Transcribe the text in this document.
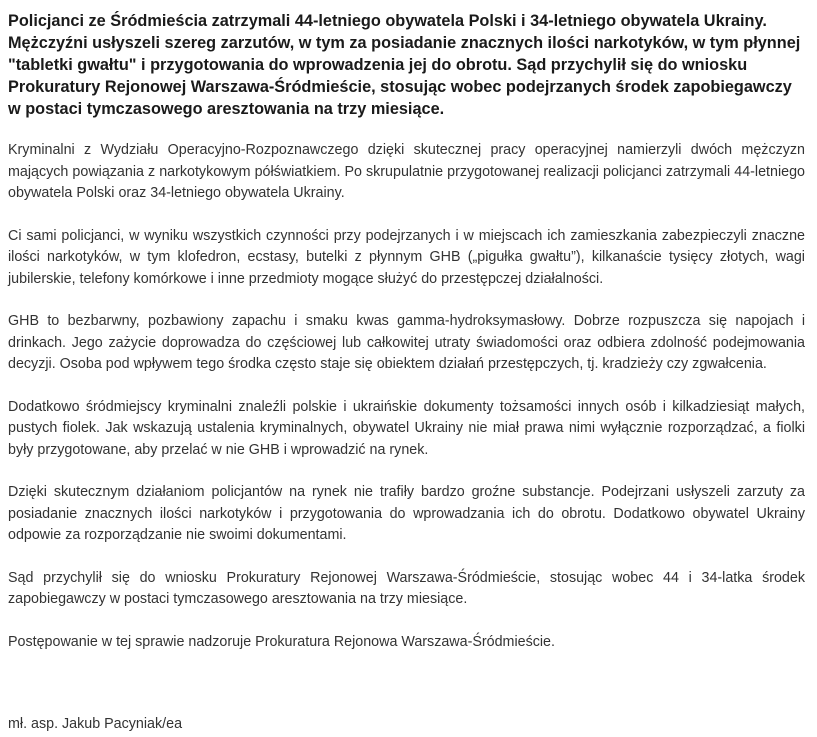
Policjanci ze Śródmieścia zatrzymali 44-letniego obywatela Polski i 34-letniego obywatela Ukrainy. Mężczyźni usłyszeli szereg zarzutów, w tym za posiadanie znacznych ilości narkotyków, w tym płynnej "tabletki gwałtu" i przygotowania do wprowadzenia jej do obrotu. Sąd przychylił się do wniosku Prokuratury Rejonowej Warszawa-Śródmieście, stosując wobec podejrzanych środek zapobiegawczy w postaci tymczasowego aresztowania na trzy miesiące.

Kryminalni z Wydziału Operacyjno-Rozpoznawczego dzięki skutecznej pracy operacyjnej namierzyli dwóch mężczyzn mających powiązania z narkotykowym półświatkiem. Po skrupulatnie przygotowanej realizacji policjanci zatrzymali 44-letniego obywatela Polski oraz 34-letniego obywatela Ukrainy.

Ci sami policjanci, w wyniku wszystkich czynności przy podejrzanych i w miejscach ich zamieszkania zabezpieczyli znaczne ilości narkotyków, w tym klofedron, ecstasy, butelki z płynnym GHB („pigułka gwałtu”), kilkanaście tysięcy złotych, wagi jubilerskie, telefony komórkowe i inne przedmioty mogące służyć do przestępczej działalności.

GHB to bezbarwny, pozbawiony zapachu i smaku kwas gamma-hydroksymasłowy. Dobrze rozpuszcza się napojach i drinkach. Jego zażycie doprowadza do częściowej lub całkowitej utraty świadomości oraz odbiera zdolność podejmowania decyzji. Osoba pod wpływem tego środka często staje się obiektem działań przestępczych, tj. kradzieży czy zgwałcenia.

Dodatkowo śródmiejscy kryminalni znaleźli polskie i ukraińskie dokumenty tożsamości innych osób i kilkadziesiąt małych, pustych fiolek. Jak wskazują ustalenia kryminalnych, obywatel Ukrainy nie miał prawa nimi wyłącznie rozporządzać, a fiolki były przygotowane, aby przelać w nie GHB i wprowadzić na rynek.

Dzięki skutecznym działaniom policjantów na rynek nie trafiły bardzo groźne substancje. Podejrzani usłyszeli zarzuty za posiadanie znacznych ilości narkotyków i przygotowania do wprowadzania ich do obrotu. Dodatkowo obywatel Ukrainy odpowie za rozporządzanie nie swoimi dokumentami.

Sąd przychylił się do wniosku Prokuratury Rejonowej Warszawa-Śródmieście, stosując wobec 44 i 34-latka środek zapobiegawczy w postaci tymczasowego aresztowania na trzy miesiące.

Postępowanie w tej sprawie nadzoruje Prokuratura Rejonowa Warszawa-Śródmieście.

mł. asp. Jakub Pacyniak/ea
